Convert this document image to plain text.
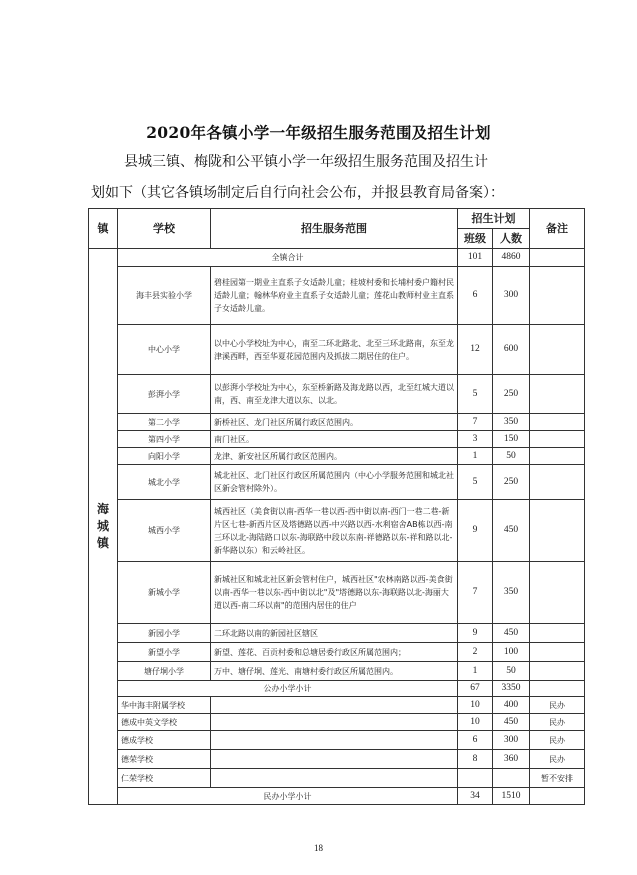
2020年各镇小学一年级招生服务范围及招生计划
县城三镇、梅陇和公平镇小学一年级招生服务范围及招生计
划如下（其它各镇场制定后自行向社会公布，并报县教育局备案）：
镇	学校	招生服务范围	招生计划		备注
			班级	人数	
海城镇	全镇合计		101	4860	
	海丰县实验小学	碧桂园第一期业主直系子女适龄儿童；桂坡村委和长埔村委户籍村民适龄儿童；翰林华府业主直系子女适龄儿童；莲花山教师村业主直系子女适龄儿童。	6	300	
	中心小学	以中心小学校址为中心，南至二环北路北、北至三环北路南，东至龙津溪西畔，西至华夏花园范围内及抓拔二期居住的住户。	12	600	
	彭湃小学	以彭湃小学校址为中心，东至桥新路及海龙路以西，北至红城大道以南，西、南至龙津大道以东、以北。	5	250	
	第二小学	新桥社区、龙门社区所属行政区范围内。	7	350	
	第四小学	南门社区。	3	150	
	向阳小学	龙津、新安社区所属行政区范围内。	1	50	
	城北小学	城北社区、北门社区行政区所属范围内（中心小学服务范围和城北社区新会管村除外）。	5	250	
	城西小学	城西社区（美食街以南-西华一巷以西-西中街以南-西门一巷二巷-新片区七巷-新西片区及塔德路以西-中兴路以西-水利宿舍AB栋以西-南三环以北-海陆路口以东-海联路中段以东南-祥德路以东-祥和路以北-新华路以东）和云岭社区。	9	450	
	新城小学	新城社区和城北社区新会管村住户，城西社区"农林南路以西-美食街以南-西华一巷以东-西中街以北"及"塔德路以东-海联路以北-海丽大道以西-南二环以南"的范围内居住的住户	7	350	
	新园小学	二环北路以南的新园社区辖区	9	450	
	新望小学	新望、莲花、百贡村委和总塘居委行政区所属范围内；	2	100	
	塘仔垌小学	万中、塘仔垌、莲光、南塘村委行政区所属范围内。	1	50	
	公办小学小计		67	3350	
	华中海丰附属学校		10	400	民办
	德成中英文学校		10	450	民办
	德成学校		6	300	民办
	德荣学校		8	360	民办
	仁荣学校				暂不安排
	民办小学小计		34	1510	
18
